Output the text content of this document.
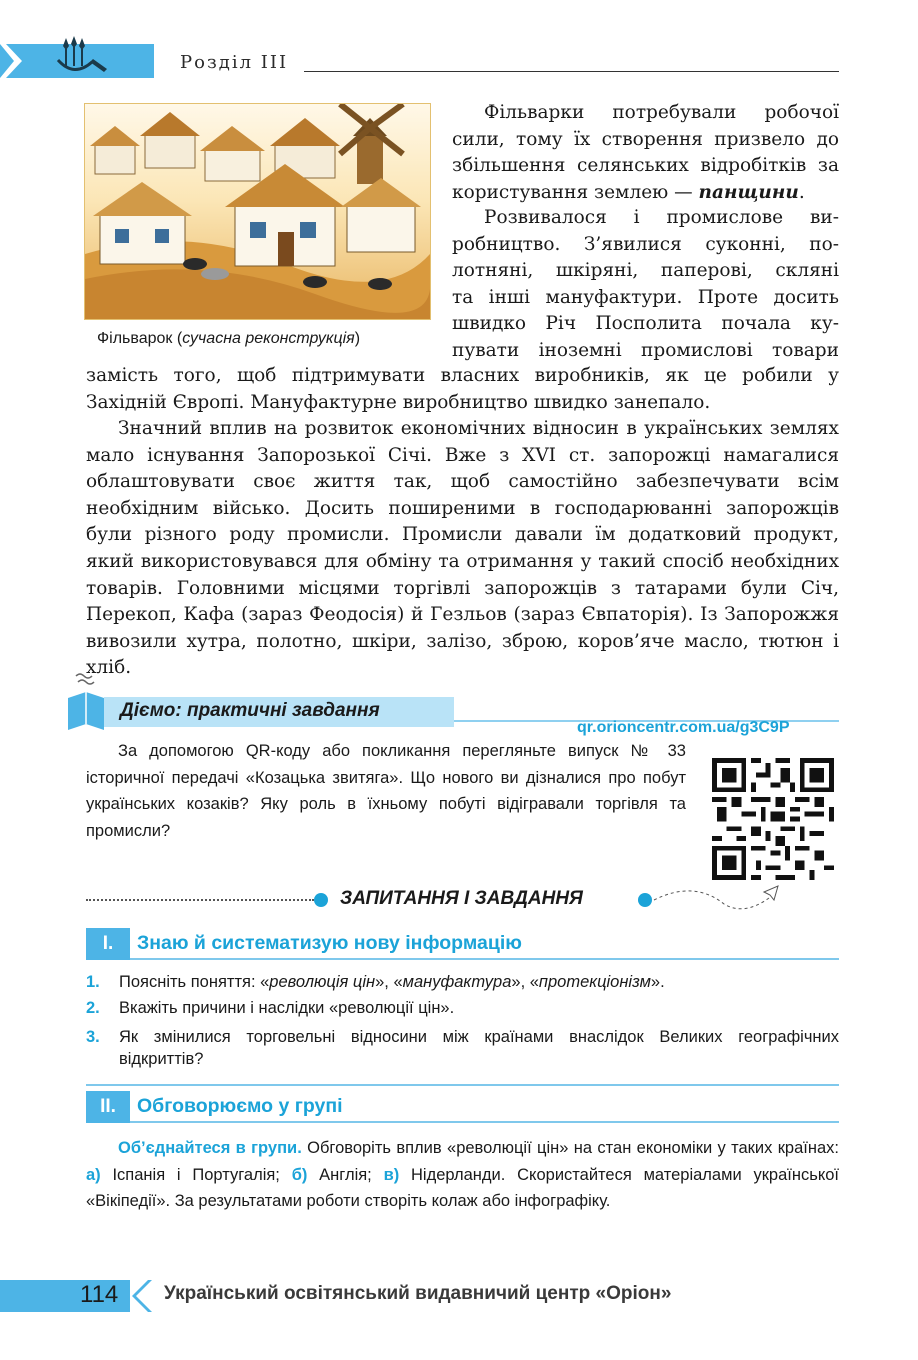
Розділ III
Фільварок (сучасна реконструкція)

Фільварки потребували робочої сили, тому їх створення призвело до збільшення селянських відробітків за користування землею — панщини.

Розвивалося і промислове ви-
робництво. З’явилися суконні, по-
лотняні, шкіряні, паперові, скляні
та інші мануфактури. Проте досить
швидко Річ Посполита почала ку-
пувати іноземні промислові товари

замість того, щоб підтримувати власних виробників, як це робили у Західній Європі. Мануфактурне виробництво швидко занепало.

Значний вплив на розвиток економічних відносин в українських землях мало існування Запорозької Січі. Вже з XVI ст. запорожці намагалися облаштовувати своє життя так, щоб самостійно забезпечувати всім необхідним військо. Досить поширеними в господарюванні запорожців були різного роду промисли. Промисли давали їм додатковий продукт, який використовувався для обміну та отримання у такий спосіб необхідних товарів. Головними місцями торгівлі запорожців з татарами були Січ, Перекоп, Кафа (зараз Феодосія) й Гезльов (зараз Євпаторія). Із Запорожжя вивозили хутра, полотно, шкіри, залізо, зброю, коров’яче масло, тютюн і хліб.

Діємо: практичні завдання
qr.orioncentr.com.ua/g3C9P

За допомогою QR-коду або покликання перегляньте випуск № 33 історичної передачі «Козацька звитяга». Що нового ви дізналися про побут українських козаків? Яку роль в їхньому побуті відігравали торгівля та промисли?

ЗАПИТАННЯ І ЗАВДАННЯ
I.	Знаю й систематизую нову інформацію
1. Поясніть поняття: «революція цін», «мануфактура», «протекціонізм».
2. Вкажіть причини і наслідки «революції цін».
3.	Як змінилися торговельні відносини між країнами внаслідок Великих географічних відкриттів?
II.	Обговорюємо у групі
Об’єднайтеся в групи. Обговоріть вплив «революції цін» на стан економіки у таких країнах: а) Іспанія і Португалія; б) Англія; в) Нідерланди. Скористайтеся матеріалами української «Вікіпедії». За результатами роботи створіть колаж або інфографіку.
114 Український освітянський видавничий центр «Оріон»
